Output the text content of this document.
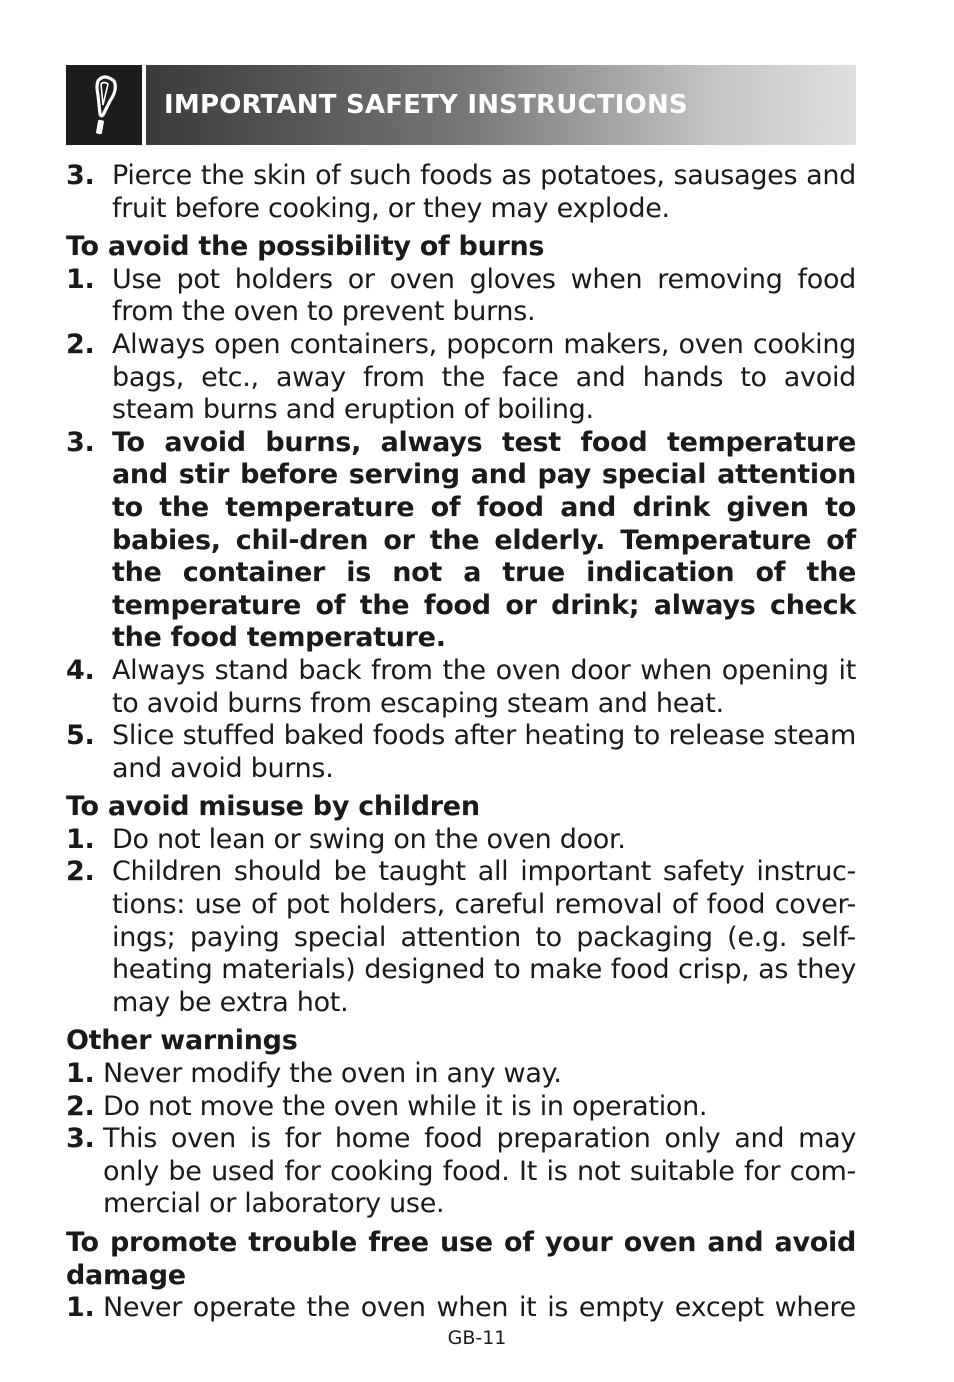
IMPORTANT SAFETY INSTRUCTIONS
3. Pierce the skin of such foods as potatoes, sausages and fruit before cooking, or they may explode.
To avoid the possibility of burns
1. Use pot holders or oven gloves when removing food from the oven to prevent burns.
2. Always open containers, popcorn makers, oven cooking bags, etc., away from the face and hands to avoid steam burns and eruption of boiling.
3. To avoid burns, always test food temperature and stir before serving and pay special attention to the temperature of food and drink given to babies, chil-dren or the elderly. Temperature of the container is not a true indication of the temperature of the food or drink; always check the food temperature.
4. Always stand back from the oven door when opening it to avoid burns from escaping steam and heat.
5. Slice stuffed baked foods after heating to release steam and avoid burns.
To avoid misuse by children
1. Do not lean or swing on the oven door.
2. Children should be taught all important safety instruc-tions: use of pot holders, careful removal of food cover-ings; paying special attention to packaging (e.g. self-heating materials) designed to make food crisp, as they may be extra hot.
Other warnings
1. Never modify the oven in any way.
2. Do not move the oven while it is in operation.
3. This oven is for home food preparation only and may only be used for cooking food. It is not suitable for com-mercial or laboratory use.
To promote trouble free use of your oven and avoid damage
1. Never operate the oven when it is empty except where
GB-11
